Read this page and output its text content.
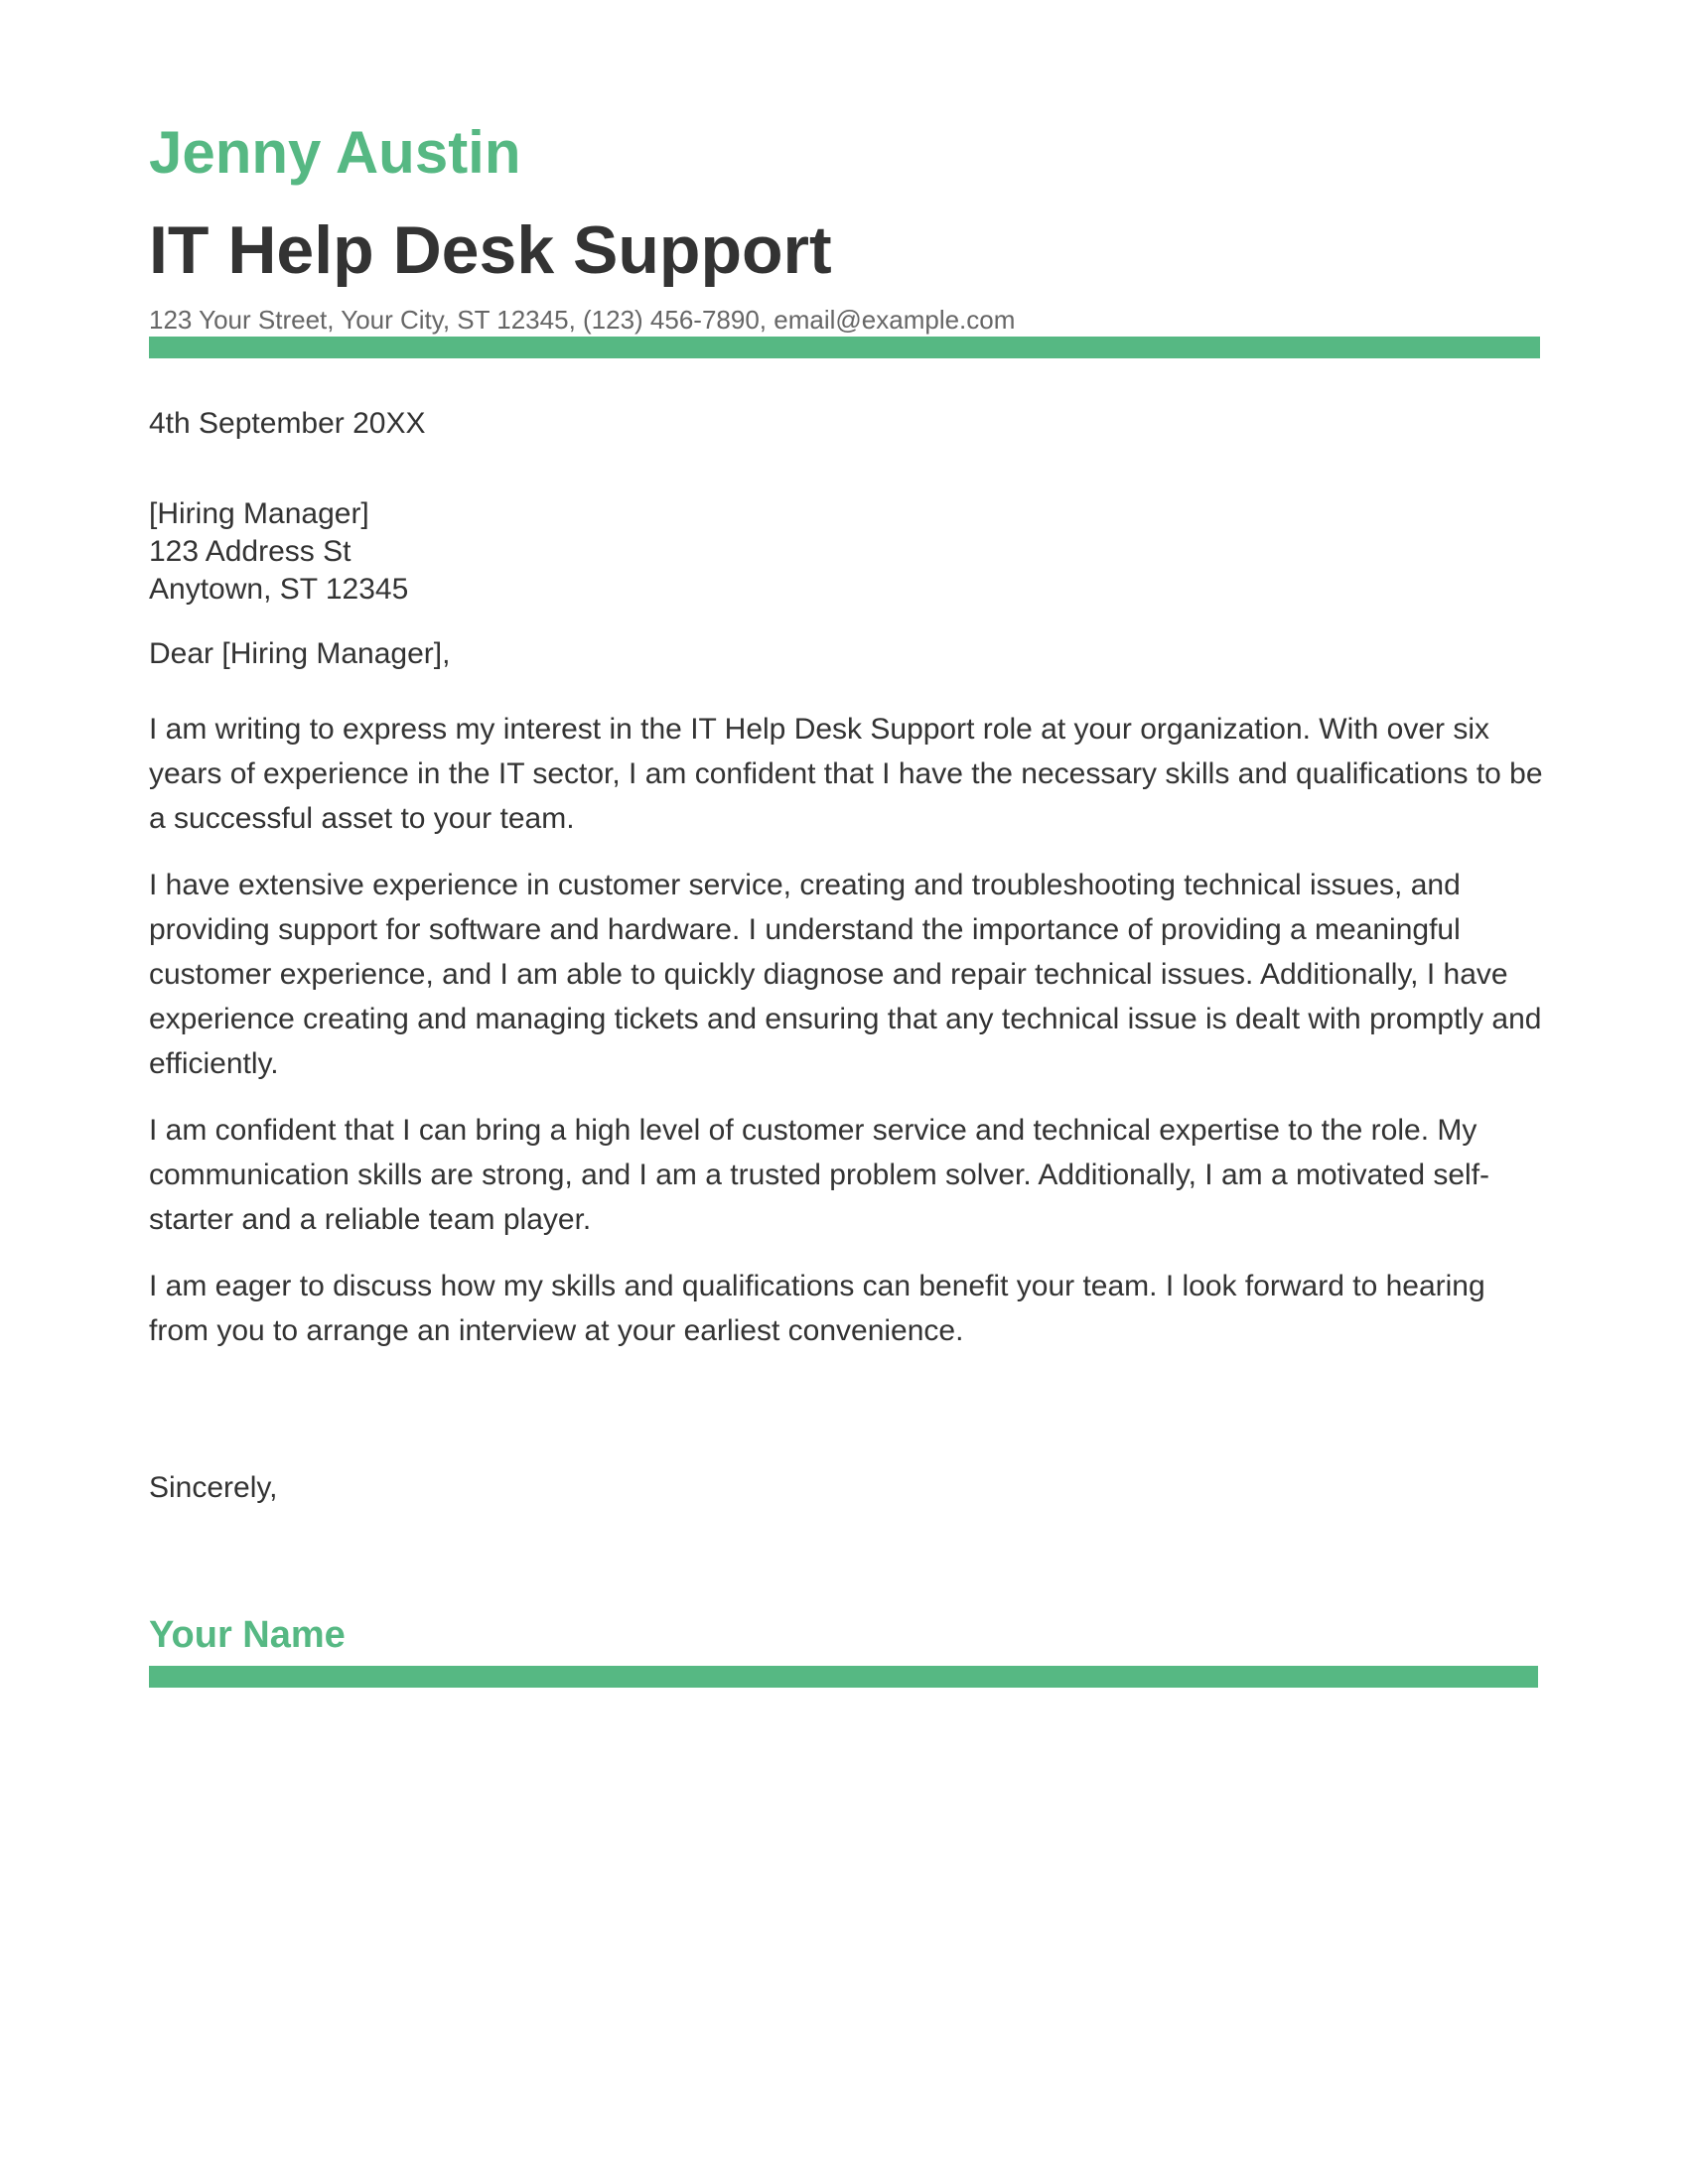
Jenny Austin
IT Help Desk Support
123 Your Street, Your City, ST 12345, (123) 456-7890, email@example.com
4th September 20XX
[Hiring Manager]
123 Address St
Anytown, ST 12345
Dear [Hiring Manager],

I am writing to express my interest in the IT Help Desk Support role at your organization. With over six years of experience in the IT sector, I am confident that I have the necessary skills and qualifications to be a successful asset to your team.

I have extensive experience in customer service, creating and troubleshooting technical issues, and providing support for software and hardware. I understand the importance of providing a meaningful customer experience, and I am able to quickly diagnose and repair technical issues. Additionally, I have experience creating and managing tickets and ensuring that any technical issue is dealt with promptly and efficiently.

I am confident that I can bring a high level of customer service and technical expertise to the role. My communication skills are strong, and I am a trusted problem solver. Additionally, I am a motivated self-starter and a reliable team player.

I am eager to discuss how my skills and qualifications can benefit your team. I look forward to hearing from you to arrange an interview at your earliest convenience.

Sincerely,
Your Name
